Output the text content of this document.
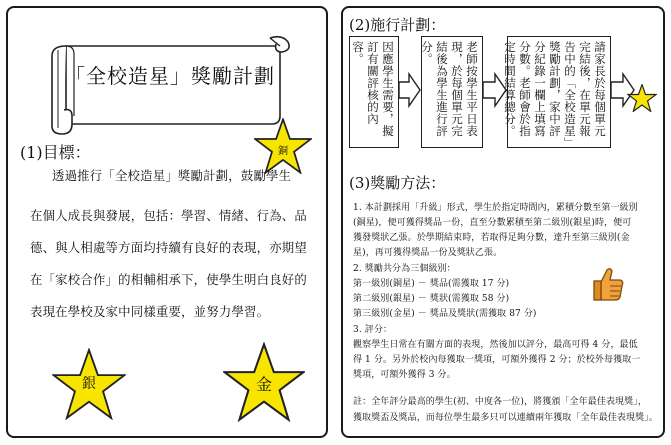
「全校造星」獎勵計劃
(1)目標：	銅
透過推行「全校造星」獎勵計劃，鼓勵學生
在個人成長與發展，包括：學習、情緒、行為、品
德、與人相處等方面均持續有良好的表現，亦期望
在「家校合作」的相輔相承下，使學生明白良好的
表現在學校及家中同樣重要，並努力學習。
銀	金
(2)施行計劃：
因應學生需要，擬訂有關評核的內容。	老師按學生平日表現，於每個單元完結後為學生進行評分。	請家長於每個單元完結後，在單元報告中的「全校造星」獎勵計劃，家中評分紀錄一欄上填寫分數。老師會於指定時間結算總分。
(3)獎勵方法：
1. 本計劃採用「升級」形式，學生於指定時間內，累積分數至第一級別
(銅星)，便可獲得獎品一份，直至分數累積至第二級別(銀星)時，便可
獲發獎狀乙張。於學期結束時，若取得足夠分數，達升至第三級別(金
星)，再可獲得獎品一份及獎狀乙張。
2. 獎勵共分為三個級別：
第一級別(銅星) － 獎品(需獲取 17 分)
第二級別(銀星) － 獎狀(需獲取 58 分)
第三級別(金星) － 獎品及獎狀(需獲取 87 分)
3. 評分：
觀察學生日常在有關方面的表現，然後加以評分，最高可得 4 分，最低
得 1 分。另外於校內每獲取一獎項，可額外獲得 2 分；於校外每獲取一
獎項，可額外獲得 3 分。
註：全年評分最高的學生(初、中度各一位)，將獲頒「全年最佳表現獎」，
獲取獎盃及獎品，而每位學生最多只可以連續兩年獲取「全年最佳表現獎」。
